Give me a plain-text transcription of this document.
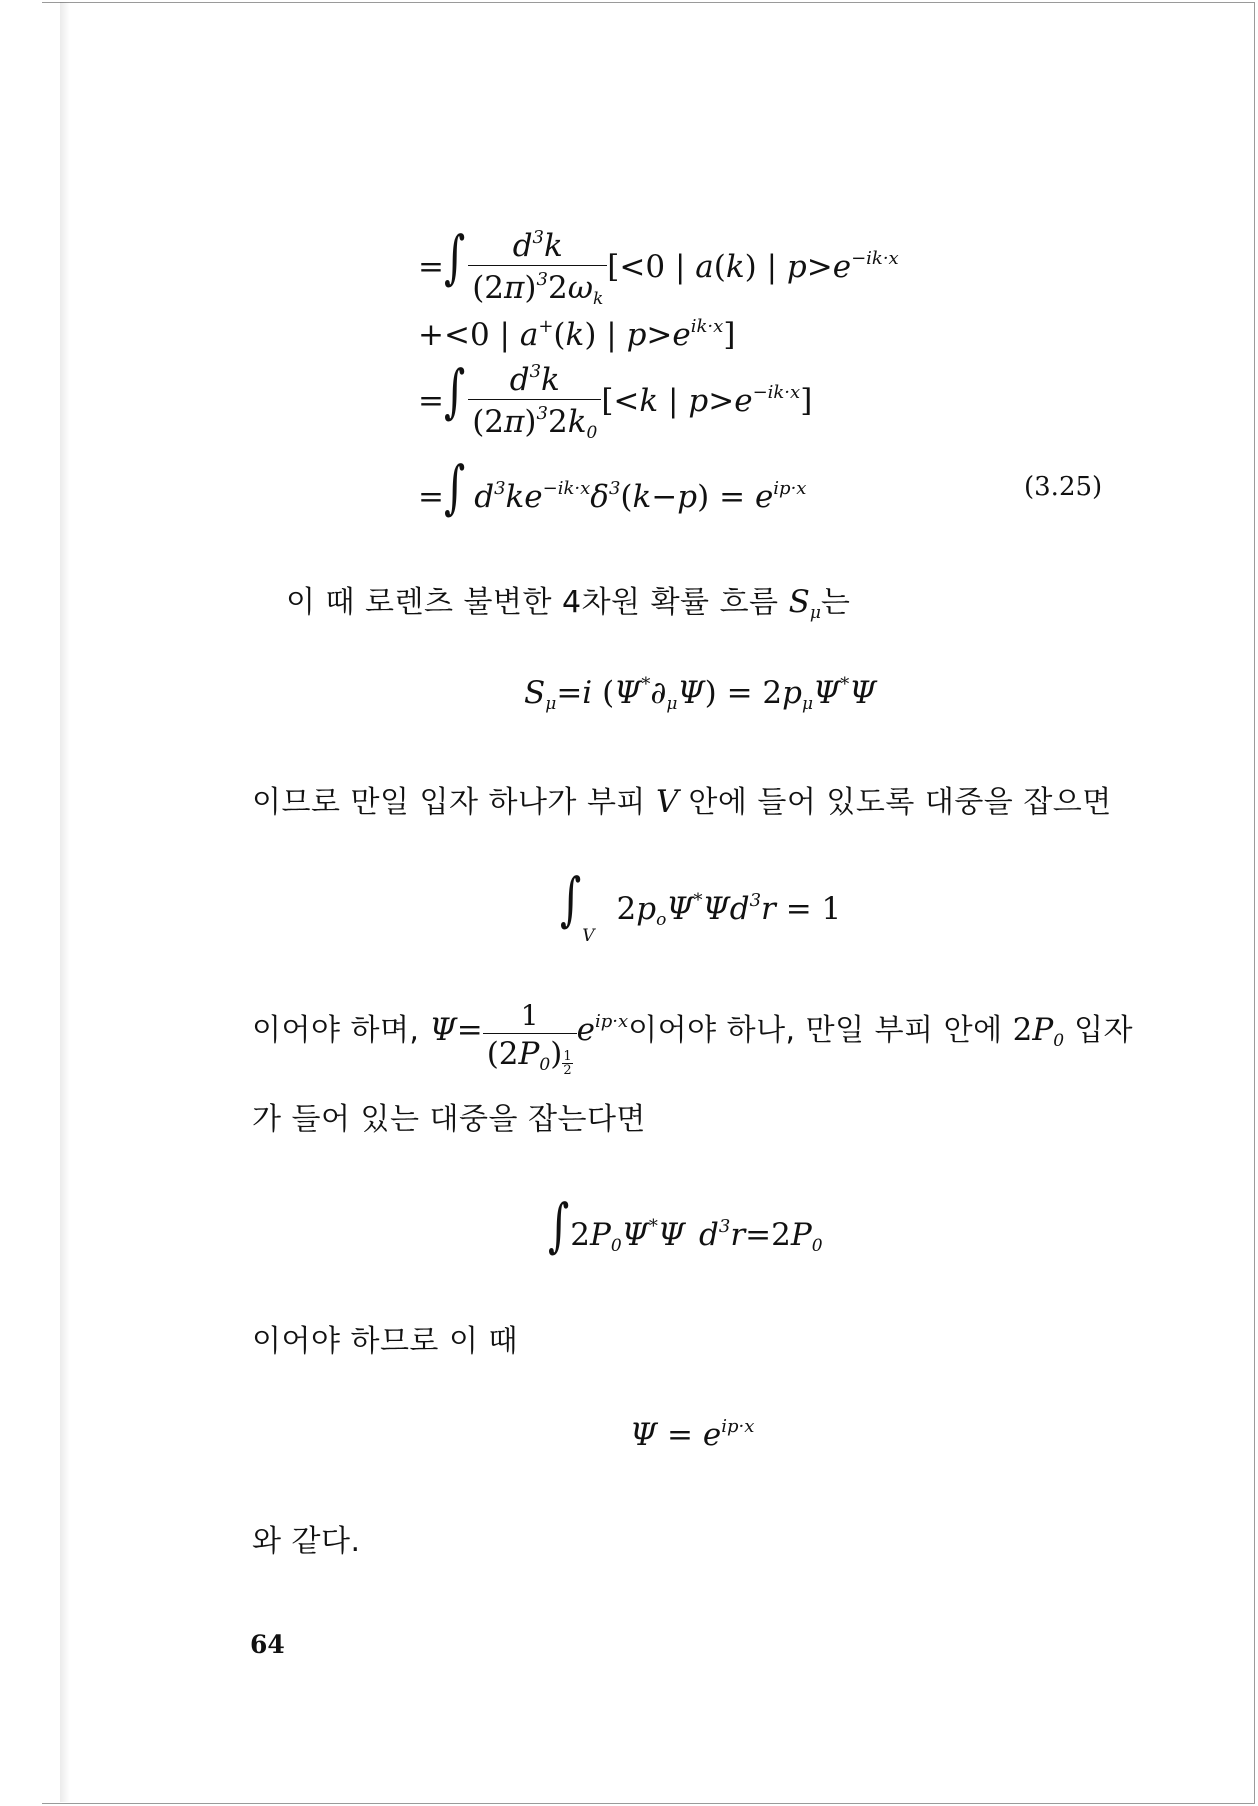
=∫ $\frac{d^3k}{(2\pi)^32\omega_k} [<0$ | a(k) | $p>e^{-ik\cdot x}$
+<0 | a+(k) | $p>e^{ik\cdot x}$]
=∫ $\frac{d^3k}{(2\pi)^32k_0} [<k$ | $p>e^{-ik\cdot x}$]
=∫ $d^3ke^{-ik\cdot x}\delta^3(k-p) = e^{ip\cdot x}$	(3.25)
이 때 로렌츠 불변한 4차원 확률 흐름 $S_\mu$는
$S_\mu=i$ $(\Psi^*\partial_\mu\Psi) = 2p_\mu\Psi^*\Psi$
이므로 만일 입자 하나가 부피 V 안에 들어 있도록 대중을 잡으면
$\int_V2p_o\Psi^*\Psi d^3r = 1$
이어야 하며, $\Psi= \frac{1}{(2P_0) \frac{1}{2}} e^{ip\cdot x}$이어야 하나, 만일 부피 안에 $2P_0$ 입자
가 들어 있는 대중을 잡는다면
$\int 2P_0\Psi^*\Psi$ $d^3r=2P_0$
이어야 하므로 이 때
$\Psi = e^{ip\cdot x}$
와 같다.
64
